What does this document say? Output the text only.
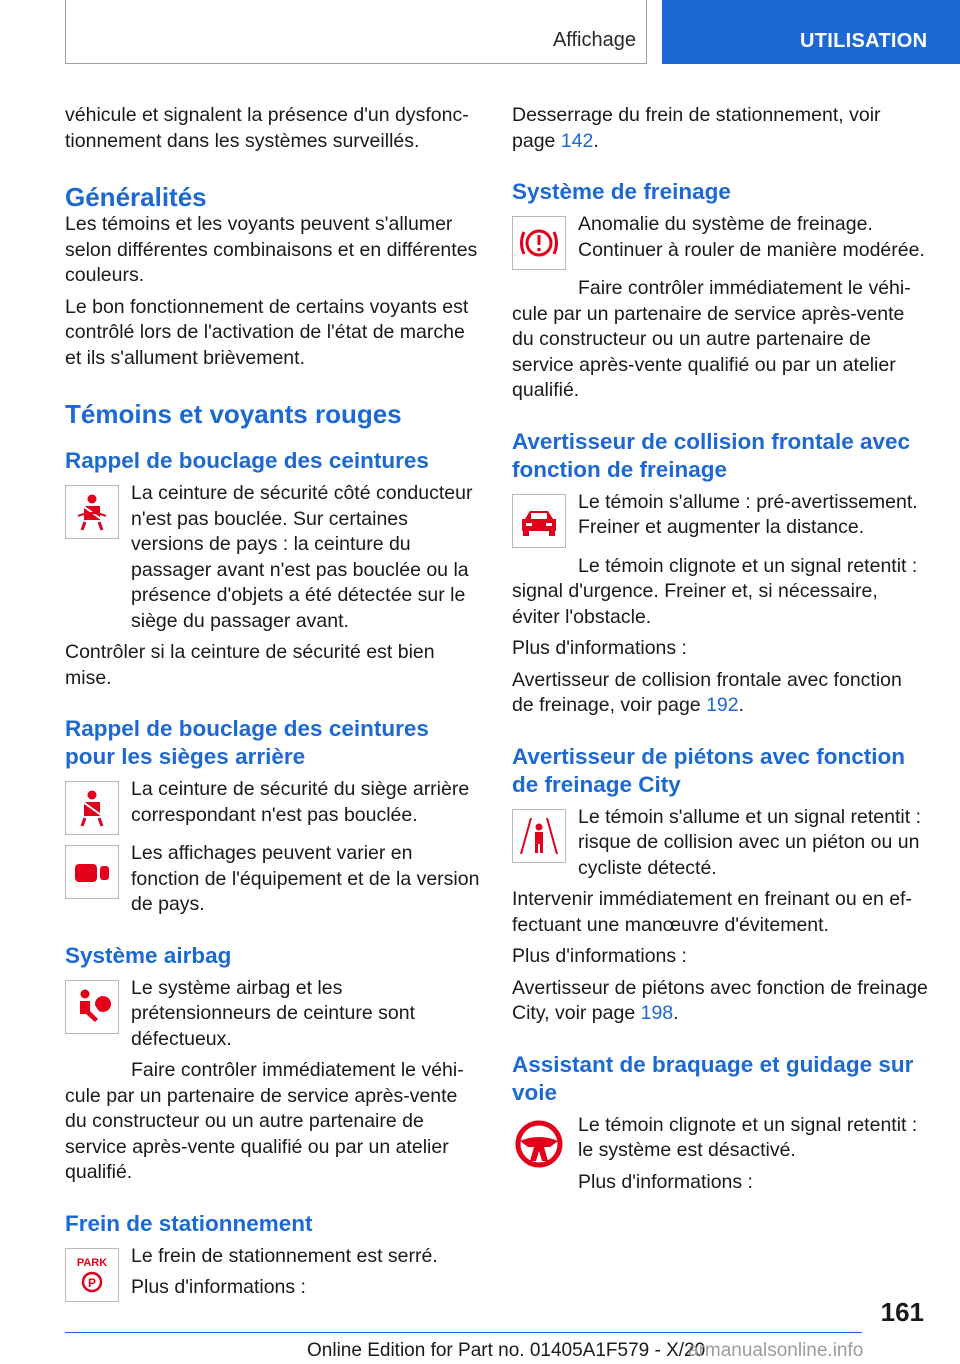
Affichage	UTILISATION

véhicule et signalent la présence d'un dysfonctionnement dans les systèmes surveillés.

Généralités

Les témoins et les voyants peuvent s'allumer selon différentes combinaisons et en différentes couleurs.

Le bon fonctionnement de certains voyants est contrôlé lors de l'activation de l'état de marche et ils s'allument brièvement.

Témoins et voyants rouges
Rappel de bouclage des ceintures
La ceinture de sécurité côté conducteur n'est pas bouclée. Sur certaines versions de pays : la ceinture du passager avant n'est pas bouclée ou la présence d'objets a été détectée sur le siège du passager avant.

Contrôler si la ceinture de sécurité est bien mise.

Rappel de bouclage des ceintures pour les sièges arrière
La ceinture de sécurité du siège arrière correspondant n'est pas bouclée.
Les affichages peuvent varier en fonction de l'équipement et de la version de pays.
Système airbag
Le système airbag et les prétensionneurs de ceinture sont défectueux.

Faire contrôler immédiatement le véhicule par un partenaire de service après-vente du constructeur ou un autre partenaire de service après-vente qualifié ou par un atelier qualifié.

Frein de stationnement
PARK
P

Le frein de stationnement est serré.

Plus d'informations :

Desserrage du frein de stationnement, voir page 142.

Système de freinage
Anomalie du système de freinage. Continuer à rouler de manière modérée.

Faire contrôler immédiatement le véhicule par un partenaire de service après-vente du constructeur ou un autre partenaire de service après-vente qualifié ou par un atelier qualifié.

Avertisseur de collision frontale avec fonction de freinage
Le témoin s'allume : pré-avertissement. Freiner et augmenter la distance.

Le témoin clignote et un signal retentit : signal d'urgence. Freiner et, si nécessaire, éviter l'obstacle.

Plus d'informations :

Avertisseur de collision frontale avec fonction de freinage, voir page 192.

Avertisseur de piétons avec fonction de freinage City
Le témoin s'allume et un signal retentit : risque de collision avec un piéton ou un cycliste détecté.

Intervenir immédiatement en freinant ou en effectuant une manœuvre d'évitement.

Plus d'informations :

Avertisseur de piétons avec fonction de freinage City, voir page 198.

Assistant de braquage et guidage sur voie

Le témoin clignote et un signal retentit : le système est désactivé.

Plus d'informations :

161
Online Edition for Part no. 01405A1F579 - X/20
armanualsonline.info
